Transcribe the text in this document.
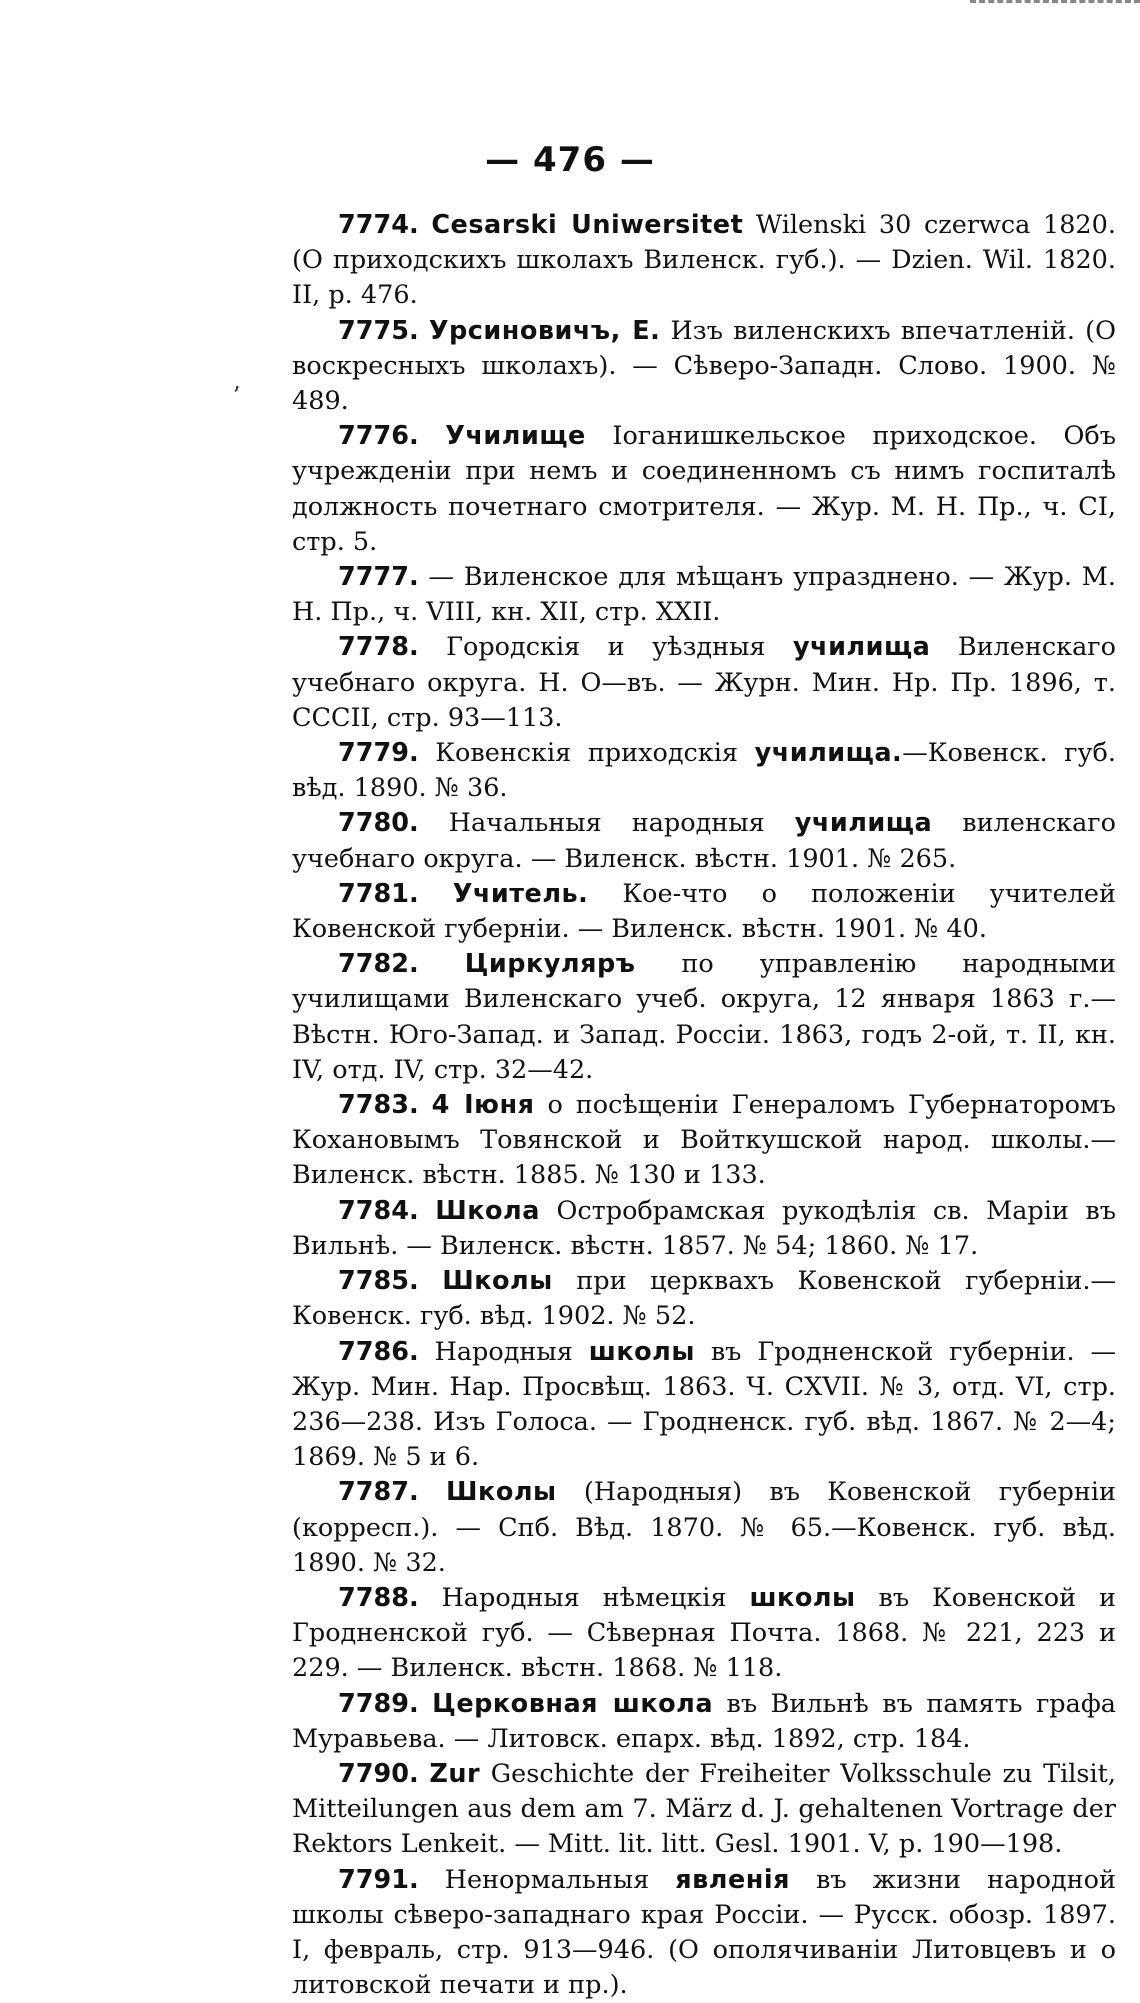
— 476 —
ʼ

7774. Cesarski Uniwersitet Wilenski 30 czerwca 1820. (О приходскихъ школахъ Виленск. губ.). — Dzien. Wil. 1820. II, p. 476.

7775. Урсиновичъ, Е. Изъ виленскихъ впечатленій. (О воскресныхъ школахъ). — Сѣверо-Западн. Слово. 1900. № 489.

7776. Училище Іоганишкельское приходское. Объ учрежденіи при немъ и соединенномъ съ нимъ госпиталѣ должность почетнаго смотрителя. — Жур. М. Н. Пр., ч. CI, стр. 5.

7777. — Виленское для мѣщанъ упразднено. — Жур. М. Н. Пр., ч. VIII, кн. XII, стр. XXII.

7778. Городскія и уѣздныя училища Виленскаго учебнаго округа. Н. О—въ. — Журн. Мин. Нр. Пр. 1896, т. СССII, стр. 93—113.

7779. Ковенскія приходскія училища.—Ковенск. губ. вѣд. 1890. № 36.

7780. Начальныя народныя училища виленскаго учебнаго округа. — Виленск. вѣстн. 1901. № 265.

7781. Учитель. Кое-что о положеніи учителей Ковенской губерніи. — Виленск. вѣстн. 1901. № 40.

7782. Циркуляръ по управленію народными училищами Виленскаго учеб. округа, 12 января 1863 г.—Вѣстн. Юго-Запад. и Запад. Россіи. 1863, годъ 2-ой, т. II, кн. IV, отд. IV, стр. 32—42.

7783. 4 Іюня о посѣщеніи Генераломъ Губернаторомъ Кохановымъ Товянской и Войткушской народ. школы.—Виленск. вѣстн. 1885. № 130 и 133.

7784. Школа Остробрамская рукодѣлія св. Маріи въ Вильнѣ. — Виленск. вѣстн. 1857. № 54; 1860. № 17.

7785. Школы при церквахъ Ковенской губерніи.—Ковенск. губ. вѣд. 1902. № 52.

7786. Народныя школы въ Гродненской губерніи. — Жур. Мин. Нар. Просвѣщ. 1863. Ч. CXVII. № 3, отд. VI, стр. 236—238. Изъ Голоса. — Гродненск. губ. вѣд. 1867. № 2—4; 1869. № 5 и 6.

7787. Школы (Народныя) въ Ковенской губерніи (корресп.). — Спб. Вѣд. 1870. № 65.—Ковенск. губ. вѣд. 1890. № 32.

7788. Народныя нѣмецкія школы въ Ковенской и Гродненской губ. — Сѣверная Почта. 1868. № 221, 223 и 229. — Виленск. вѣстн. 1868. № 118.

7789. Церковная школа въ Вильнѣ въ память графа Муравьева. — Литовск. епарх. вѣд. 1892, стр. 184.

7790. Zur Geschichte der Freiheiter Volksschule zu Tilsit, Mitteilungen aus dem am 7. März d. J. gehaltenen Vortrage der Rektors Lenkeit. — Mitt. lit. litt. Gesl. 1901. V, p. 190—198.

7791. Ненормальныя явленія въ жизни народной школы сѣверо-западнаго края Россіи. — Русск. обозр. 1897. I, февраль, стр. 913—946. (О ополячиваніи Литовцевъ и о литовской печати и пр.).
